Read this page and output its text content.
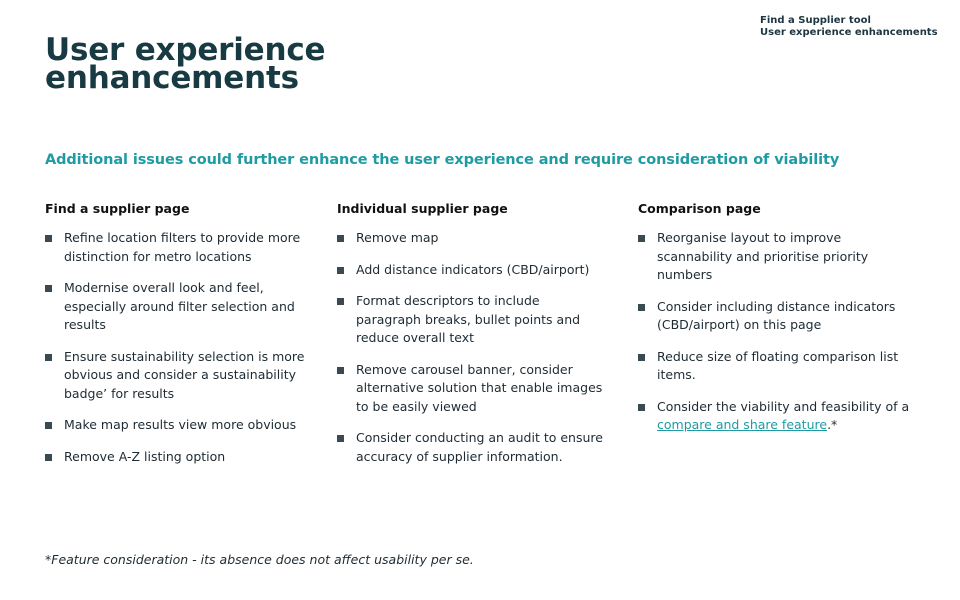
Find a Supplier tool
User experience enhancements
User experience
enhancements

Additional issues could further enhance the user experience and require consideration of viability

Find a supplier page
Refine location filters to provide more distinction for metro locations
Modernise overall look and feel, especially around filter selection and results
Ensure sustainability selection is more obvious and consider a sustainability badge’ for results
Make map results view more obvious
Remove A-Z listing option
Individual supplier page
Remove map
Add distance indicators (CBD/airport)
Format descriptors to include paragraph breaks, bullet points and reduce overall text
Remove carousel banner, consider alternative solution that enable images to be easily viewed
Consider conducting an audit to ensure accuracy of supplier information.
Comparison page
Reorganise layout to improve scannability and prioritise priority numbers
Consider including distance indicators (CBD/airport) on this page
Reduce size of floating comparison list items.
Consider the viability and feasibility of a compare and share feature.*

*Feature consideration - its absence does not affect usability per se.
